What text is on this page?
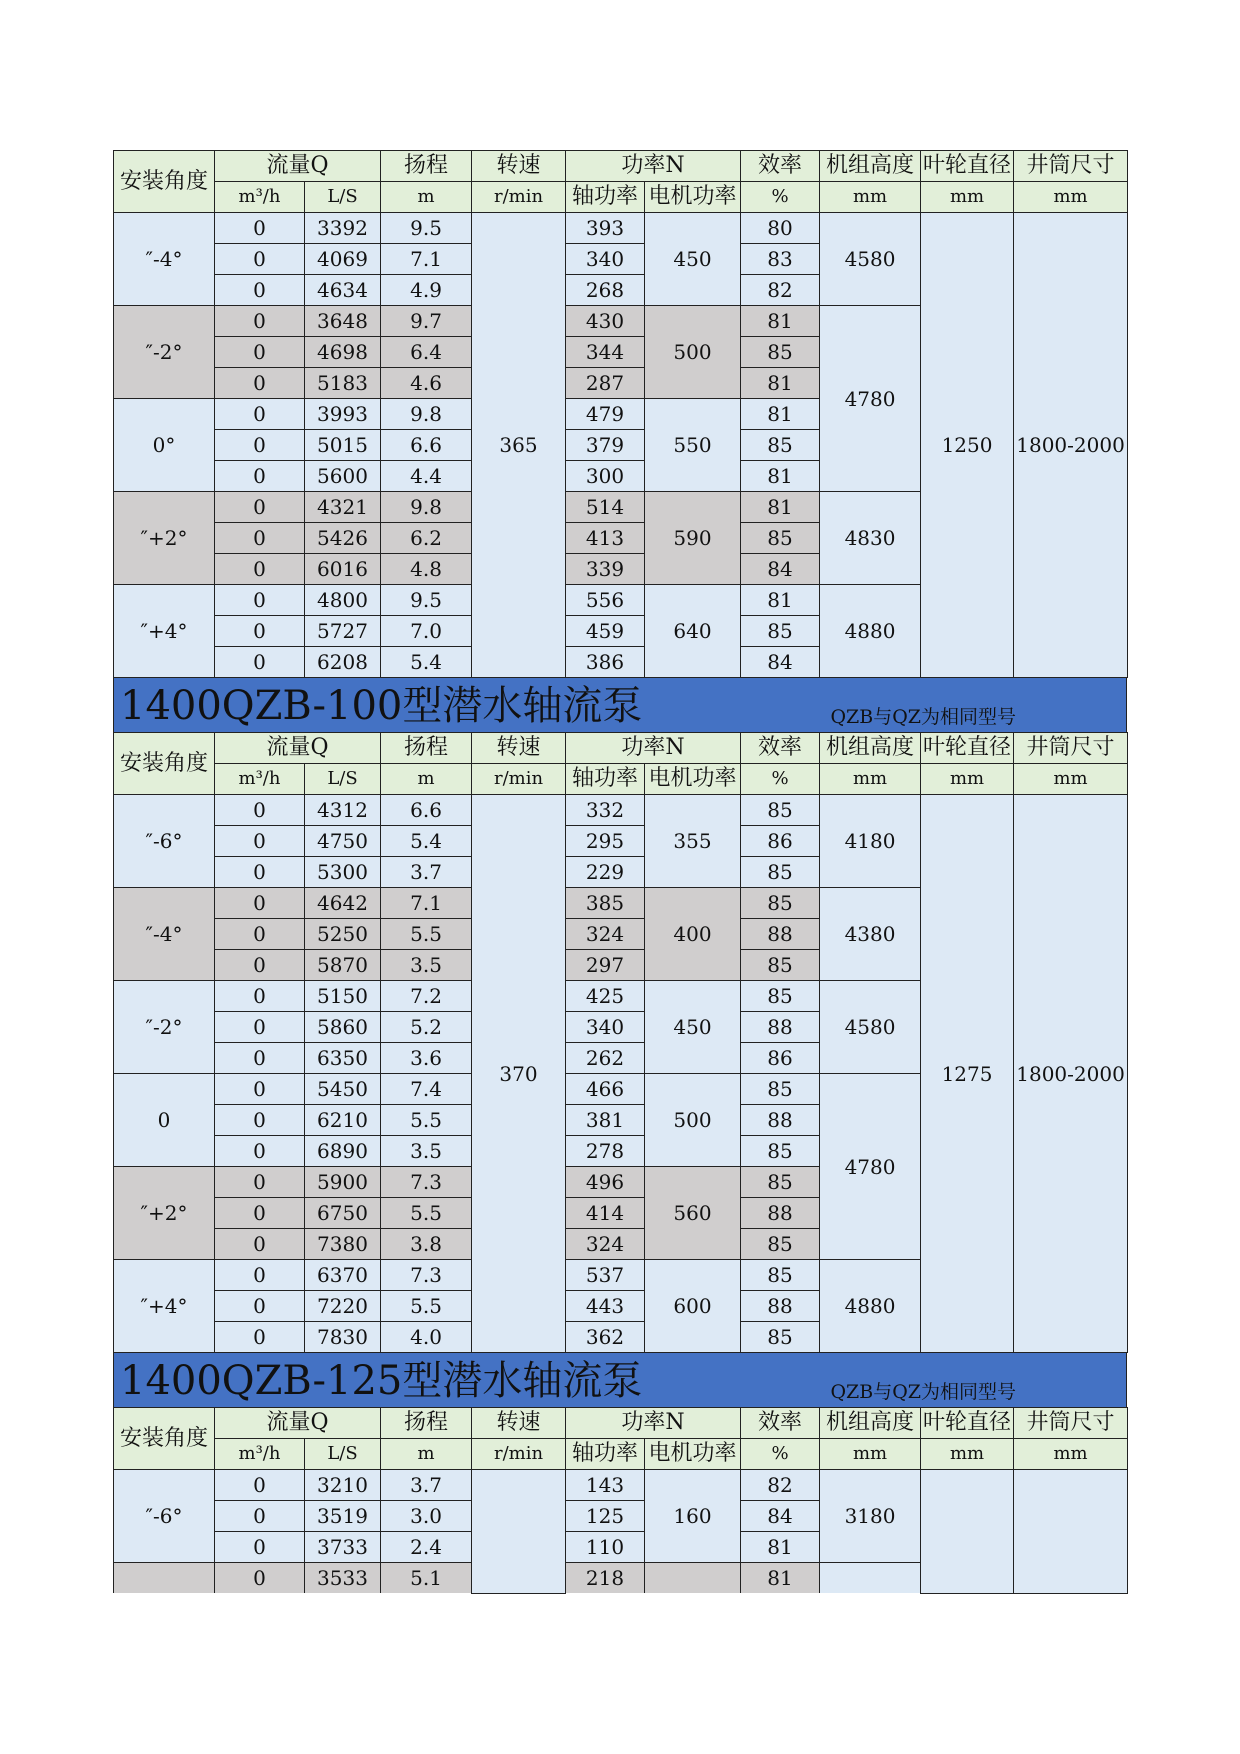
安装角度	流量Q		扬程	转速	功率N		效率	机组高度	叶轮直径	井筒尺寸
	m³/h	L/S	m	r/min	轴功率	电机功率	%	mm	mm	mm
″-4°	0	3392	9.5	365	393	450	80	4580	1250	1800-2000
	0	4069	7.1		340		83			
	0	4634	4.9		268		82			
″-2°	0	3648	9.7		430	500	81	4780		
	0	4698	6.4		344		85			
	0	5183	4.6		287		81			
0°	0	3993	9.8		479	550	81			
	0	5015	6.6		379		85			
	0	5600	4.4		300		81			
″+2°	0	4321	9.8		514	590	81	4830		
	0	5426	6.2		413		85			
	0	6016	4.8		339		84			
″+4°	0	4800	9.5		556	640	81	4880		
	0	5727	7.0		459		85			
	0	6208	5.4		386		84			
1400QZB-100型潜水轴流泵	QZB与QZ为相同型号
安装角度	流量Q		扬程	转速	功率N		效率	机组高度	叶轮直径	井筒尺寸
	m³/h	L/S	m	r/min	轴功率	电机功率	%	mm	mm	mm
″-6°	0	4312	6.6	370	332	355	85	4180	1275	1800-2000
	0	4750	5.4		295		86			
	0	5300	3.7		229		85			
″-4°	0	4642	7.1		385	400	85	4380		
	0	5250	5.5		324		88			
	0	5870	3.5		297		85			
″-2°	0	5150	7.2		425	450	85	4580		
	0	5860	5.2		340		88			
	0	6350	3.6		262		86			
0	0	5450	7.4		466	500	85	4780		
	0	6210	5.5		381		88			
	0	6890	3.5		278		85			
″+2°	0	5900	7.3		496	560	85			
	0	6750	5.5		414		88			
	0	7380	3.8		324		85			
″+4°	0	6370	7.3		537	600	85	4880		
	0	7220	5.5		443		88			
	0	7830	4.0		362		85			
1400QZB-125型潜水轴流泵	QZB与QZ为相同型号
安装角度	流量Q		扬程	转速	功率N		效率	机组高度	叶轮直径	井筒尺寸
	m³/h	L/S	m	r/min	轴功率	电机功率	%	mm	mm	mm
″-6°	0	3210	3.7		143	160	82	3180		
	0	3519	3.0		125		84			
	0	3733	2.4		110		81			
	0	3533	5.1		218		81			
